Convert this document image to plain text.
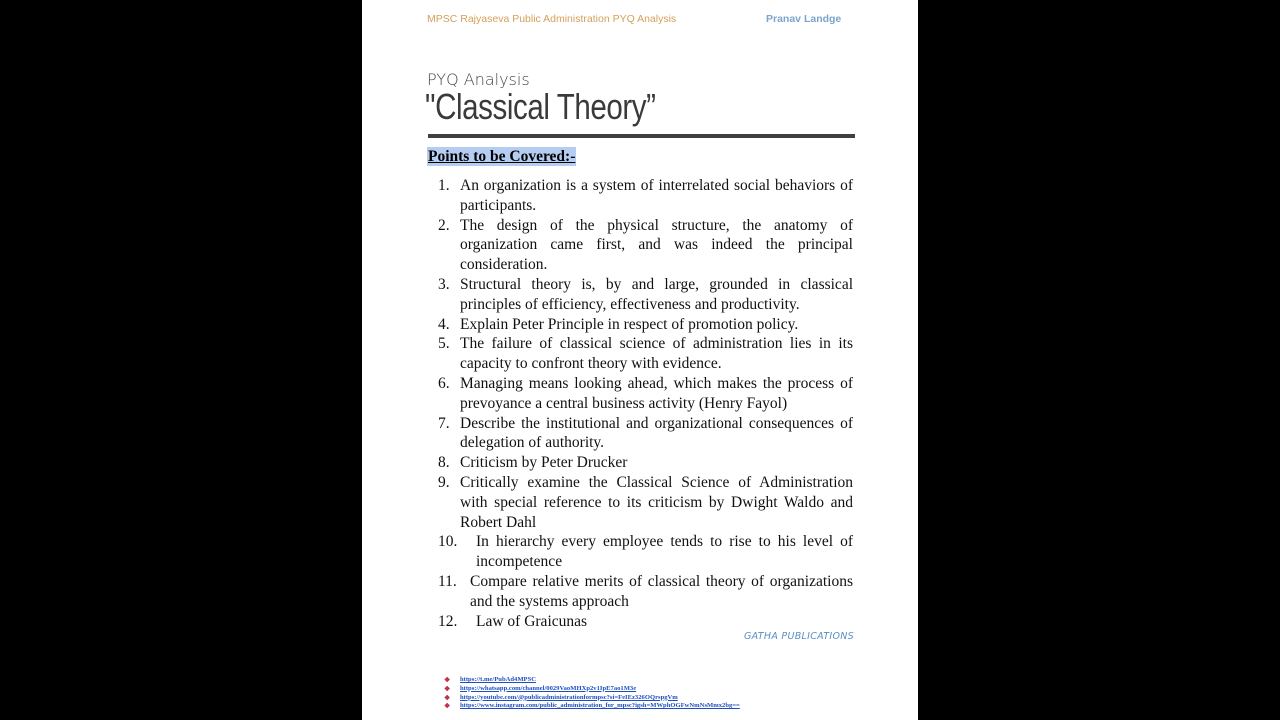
MPSC Rajyaseva Public Administration PYQ Analysis	Pranav Landge
PYQ Analysis
"Classical Theory”
Points to be Covered:-
1. An organization is a system of interrelated social behaviors of participants.
2. The design of the physical structure, the anatomy of organization came first, and was indeed the principal consideration.
3. Structural theory is, by and large, grounded in classical principles of efficiency, effectiveness and productivity.
4. Explain Peter Principle in respect of promotion policy.
5. The failure of classical science of administration lies in its capacity to confront theory with evidence.
6. Managing means looking ahead, which makes the process of prevoyance a central business activity (Henry Fayol)
7. Describe the institutional and organizational consequences of delegation of authority.
8. Criticism by Peter Drucker
9. Critically examine the Classical Science of Administration with special reference to its criticism by Dwight Waldo and Robert Dahl
10. In hierarchy every employee tends to rise to his level of incompetence
11. Compare relative merits of classical theory of organizations and the systems approach
12. Law of Graicunas
GATHA PUBLICATIONS
❖	https://t.me/PubAd4MPSC
❖	https://whatsapp.com/channel/0029VaoMHXp2v1IpE7ao1M3e
❖	https://youtube.com/@publicadministrationformpsc?si=FeIEz326OQrspgVm
❖	https://www.instagram.com/public_administration_for_mpsc?igsh=MWphOGFwNmNsMmx2bg==
